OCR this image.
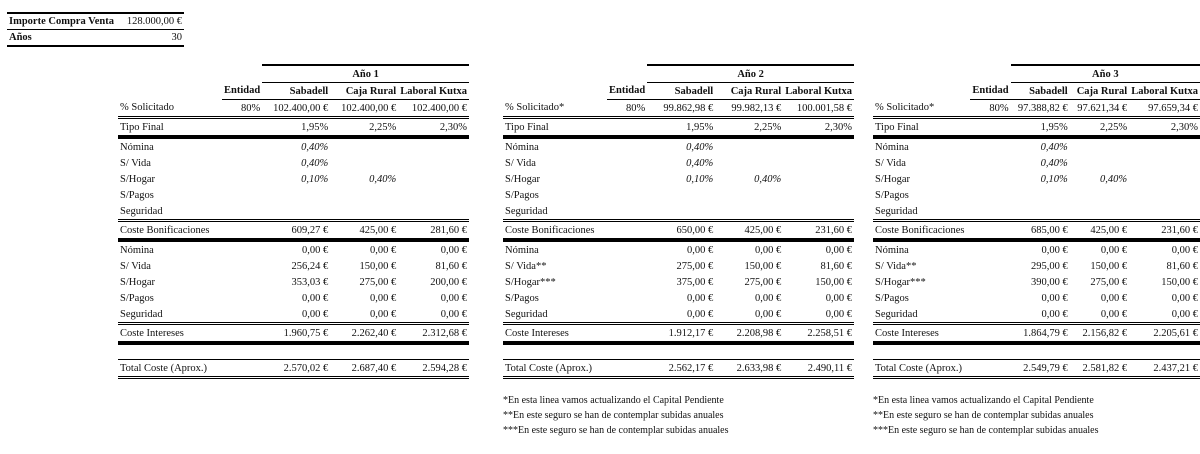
Importe Compra Venta	128.000,00 €
Años	30
		Año 1		
	Entidad	Sabadell	Caja Rural	Laboral Kutxa
% Solicitado	80%	102.400,00 €	102.400,00 €	102.400,00 €
Tipo Final		1,95%	2,25%	2,30%
Nómina		0,40%		
S/ Vida		0,40%		
S/Hogar		0,10%	0,40%	
S/Pagos				
Seguridad				
Coste Bonificaciones		609,27 €	425,00 €	281,60 €
Nómina		0,00 €	0,00 €	0,00 €
S/ Vida		256,24 €	150,00 €	81,60 €
S/Hogar		353,03 €	275,00 €	200,00 €
S/Pagos		0,00 €	0,00 €	0,00 €
Seguridad		0,00 €	0,00 €	0,00 €
Coste Intereses		1.960,75 €	2.262,40 €	2.312,68 €

Total Coste (Aprox.)		2.570,02 €	2.687,40 €	2.594,28 €
		Año 2		
	Entidad	Sabadell	Caja Rural	Laboral Kutxa
% Solicitado*	80%	99.862,98 €	99.982,13 €	100.001,58 €
Tipo Final		1,95%	2,25%	2,30%
Nómina		0,40%		
S/ Vida		0,40%		
S/Hogar		0,10%	0,40%	
S/Pagos				
Seguridad				
Coste Bonificaciones		650,00 €	425,00 €	231,60 €
Nómina		0,00 €	0,00 €	0,00 €
S/ Vida**		275,00 €	150,00 €	81,60 €
S/Hogar***		375,00 €	275,00 €	150,00 €
S/Pagos		0,00 €	0,00 €	0,00 €
Seguridad		0,00 €	0,00 €	0,00 €
Coste Intereses		1.912,17 €	2.208,98 €	2.258,51 €

Total Coste (Aprox.)		2.562,17 €	2.633,98 €	2.490,11 €
*En esta linea vamos actualizando el Capital Pendiente
**En este seguro se han de contemplar subidas anuales
***En este seguro se han de contemplar subidas anuales
		Año 3		
	Entidad	Sabadell	Caja Rural	Laboral Kutxa
% Solicitado*	80%	97.388,82 €	97.621,34 €	97.659,34 €
Tipo Final		1,95%	2,25%	2,30%
Nómina		0,40%		
S/ Vida		0,40%		
S/Hogar		0,10%	0,40%	
S/Pagos				
Seguridad				
Coste Bonificaciones		685,00 €	425,00 €	231,60 €
Nómina		0,00 €	0,00 €	0,00 €
S/ Vida**		295,00 €	150,00 €	81,60 €
S/Hogar***		390,00 €	275,00 €	150,00 €
S/Pagos		0,00 €	0,00 €	0,00 €
Seguridad		0,00 €	0,00 €	0,00 €
Coste Intereses		1.864,79 €	2.156,82 €	2.205,61 €

Total Coste (Aprox.)		2.549,79 €	2.581,82 €	2.437,21 €
*En esta linea vamos actualizando el Capital Pendiente
**En este seguro se han de contemplar subidas anuales
***En este seguro se han de contemplar subidas anuales
